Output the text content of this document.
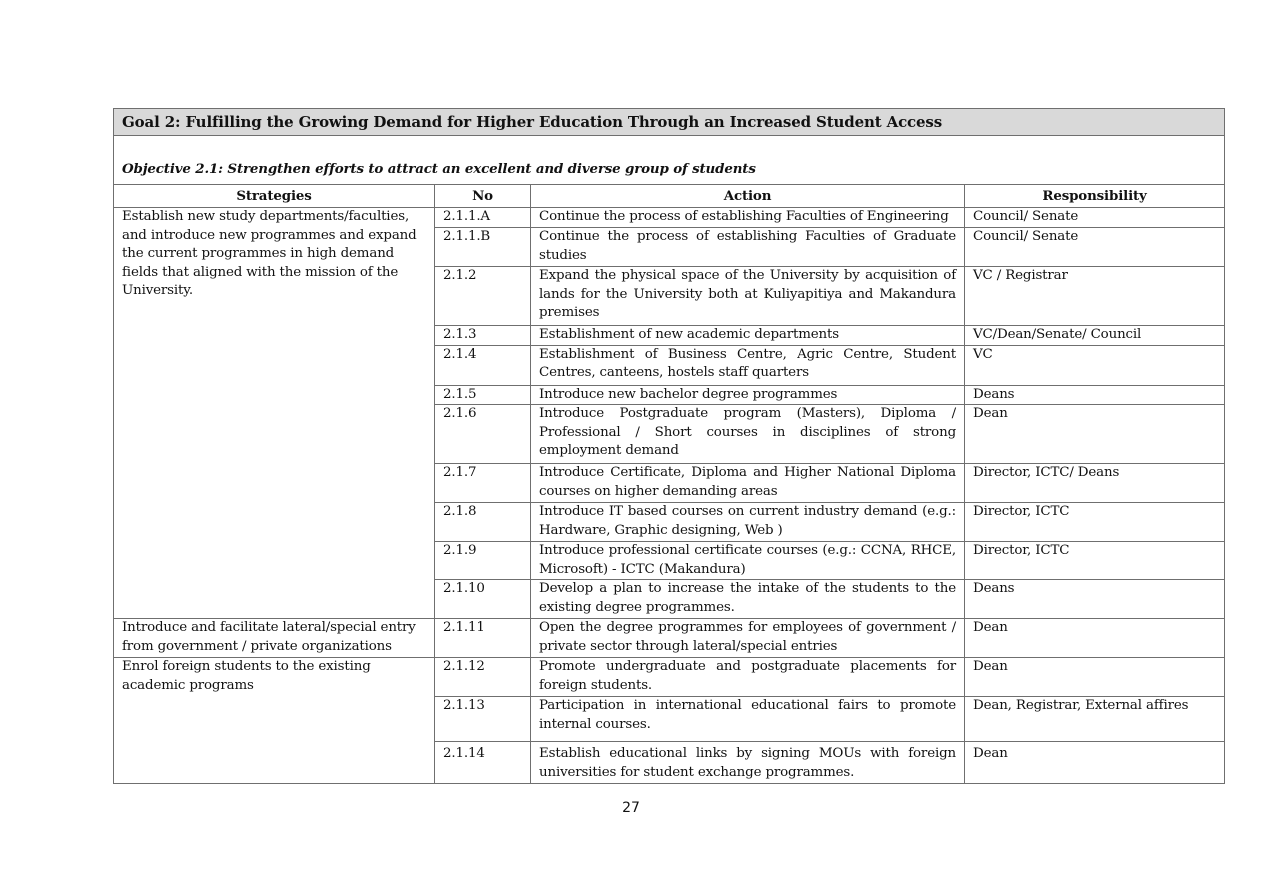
Goal 2: Fulfilling the Growing Demand for Higher Education Through an Increased Student Access			
Objective 2.1: Strengthen efforts to attract an excellent and diverse group of students			
Strategies	No	Action	Responsibility
Establish new study departments/faculties, and introduce new programmes and expand the current programmes in high demand fields that aligned with the mission of the University.	2.1.1.A	Continue the process of establishing Faculties of Engineering	Council/ Senate
	2.1.1.B	Continue the process of establishing Faculties of Graduate studies	Council/ Senate
	2.1.2	Expand the physical space of the University by acquisition of lands for the University both at Kuliyapitiya and Makandura premises	VC / Registrar
	2.1.3	Establishment of new academic departments	VC/Dean/Senate/ Council
	2.1.4	Establishment of Business Centre, Agric Centre, Student Centres, canteens, hostels staff quarters	VC
	2.1.5	Introduce new bachelor degree programmes	Deans
	2.1.6	Introduce Postgraduate program (Masters), Diploma / Professional / Short courses in disciplines of strong employment demand	Dean
	2.1.7	Introduce Certificate, Diploma and Higher National Diploma courses on higher demanding areas	Director, ICTC/ Deans
	2.1.8	Introduce IT based courses on current industry demand (e.g.: Hardware, Graphic designing, Web )	Director, ICTC
	2.1.9	Introduce professional certificate courses (e.g.: CCNA, RHCE, Microsoft) - ICTC (Makandura)	Director, ICTC
	2.1.10	Develop a plan to increase the intake of the students to the existing degree programmes.	Deans
Introduce and facilitate lateral/special entry from government / private organizations	2.1.11	Open the degree programmes for employees of government / private sector through lateral/special entries	Dean
Enrol foreign students to the existing academic programs	2.1.12	Promote undergraduate and postgraduate placements for foreign students.	Dean
	2.1.13	Participation in international educational fairs to promote internal courses.	Dean, Registrar, External affires
	2.1.14	Establish educational links by signing MOUs with foreign universities for student exchange programmes.	Dean
27
